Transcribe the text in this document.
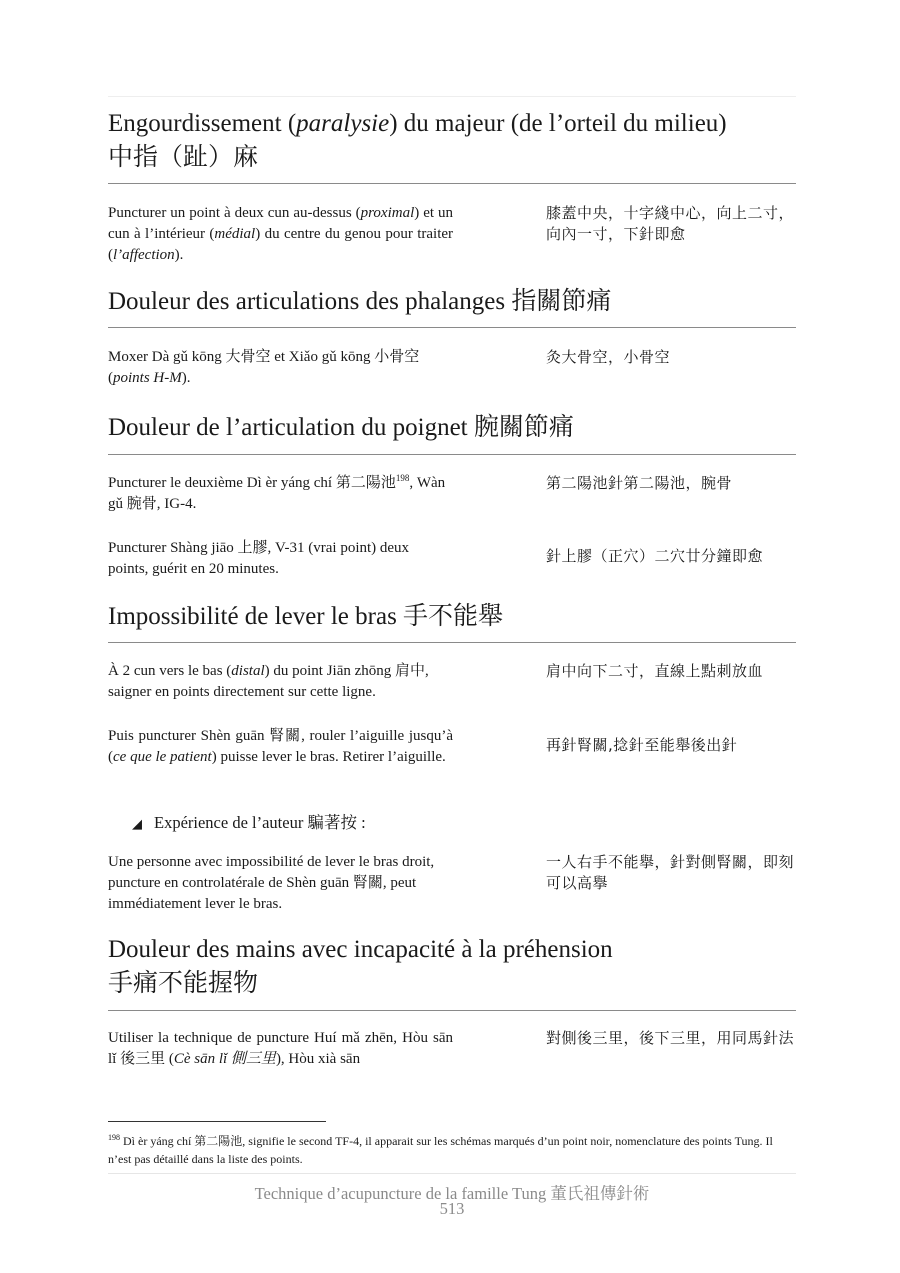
Engourdissement (paralysie) du majeur (de l’orteil du milieu)
中指（趾）麻
Puncturer un point à deux cun au-dessus (proximal) et un cun à l’intérieur (médial) du centre du genou pour traiter (l’affection).
膝蓋中央，十字綫中心，向上二寸，向內一寸，下針即愈
Douleur des articulations des phalanges 指關節痛
Moxer Dà gǔ kōng 大骨空 et Xiǎo gǔ kōng 小骨空 (points H-M).
灸大骨空，小骨空
Douleur de l’articulation du poignet 腕關節痛
Puncturer le deuxième Dì èr yáng chí 第二陽池$^{198}$, Wàn gǔ 腕骨, IG-4.
第二陽池針第二陽池，腕骨
Puncturer Shàng jiāo 上膠, V-31 (vrai point) deux points, guérit en 20 minutes.
針上膠（正穴）二穴廿分鐘即愈
Impossibilité de lever le bras 手不能舉
À 2 cun vers le bas (distal) du point Jiān zhōng 肩中, saigner en points directement sur cette ligne.
肩中向下二寸，直線上點刺放血
Puis puncturer Shèn guān 腎關, rouler l’aiguille jusqu’à (ce que le patient) puisse lever le bras. Retirer l’aiguille.
再針腎關,捻針至能舉後出針
◢ Expérience de l’auteur 騙著按 :
Une personne avec impossibilité de lever le bras droit, puncture en controlatérale de Shèn guān 腎關, peut immédiatement lever le bras.
一人右手不能擧，針對側腎關，即刻可以高擧
Douleur des mains avec incapacité à la préhension
手痛不能握物
Utiliser la technique de puncture Huí mǎ zhēn, Hòu sān lǐ 後三里 (Cè sān lǐ 側三里), Hòu xià sān
對側後三里，後下三里，用同馬針法
$^{198}$ Dì èr yáng chí 第二陽池, signifie le second TF-4, il apparait sur les schémas marqués d’un point noir, nomenclature des points Tung. Il n’est pas détaillé dans la liste des points.
Technique d’acupuncture de la famille Tung 董氏祖傳針術
513
